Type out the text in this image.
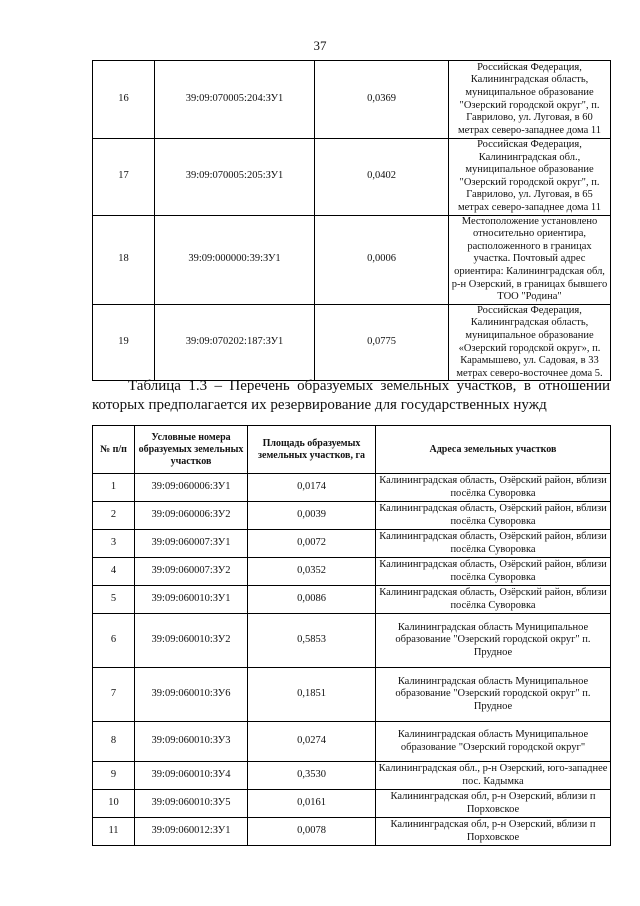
37
16	39:09:070005:204:ЗУ1	0,0369	Российская Федерация, Калининградская область, муниципальное образование "Озерский городской округ", п. Гаврилово, ул. Луговая, в 60 метрах северо-западнее дома 11
17	39:09:070005:205:ЗУ1	0,0402	Российская Федерация, Калининградская обл., муниципальное образование "Озерский городской округ", п. Гаврилово, ул. Луговая, в 65 метрах северо-западнее дома 11
18	39:09:000000:39:ЗУ1	0,0006	Местоположение установлено относительно ориентира, расположенного в границах участка. Почтовый адрес ориентира: Калининградская обл, р-н Озерский, в границах бывшего ТОО "Родина"
19	39:09:070202:187:ЗУ1	0,0775	Российская Федерация, Калининградская область, муниципальное образование «Озерский городской округ», п. Карамышево, ул. Садовая, в 33 метрах северо-восточнее дома 5.
Таблица 1.3 – Перечень образуемых земельных участков, в отношении которых предполагается их резервирование для государственных нужд
№ п/п	Условные номера образуемых земельных участков	Площадь образуемых земельных участков, га	Адреса земельных участков
1	39:09:060006:ЗУ1	0,0174	Калининградская область, Озёрский район, вблизи посёлка Суворовка
2	39:09:060006:ЗУ2	0,0039	Калининградская область, Озёрский район, вблизи посёлка Суворовка
3	39:09:060007:ЗУ1	0,0072	Калининградская область, Озёрский район, вблизи посёлка Суворовка
4	39:09:060007:ЗУ2	0,0352	Калининградская область, Озёрский район, вблизи посёлка Суворовка
5	39:09:060010:ЗУ1	0,0086	Калининградская область, Озёрский район, вблизи посёлка Суворовка
6	39:09:060010:ЗУ2	0,5853	Калининградская область Муниципальное образование "Озерский городской округ" п. Прудное
7	39:09:060010:ЗУ6	0,1851	Калининградская область Муниципальное образование "Озерский городской округ" п. Прудное
8	39:09:060010:ЗУ3	0,0274	Калининградская область Муниципальное образование "Озерский городской округ"
9	39:09:060010:ЗУ4	0,3530	Калининградская обл., р-н Озерский, юго-западнее пос. Кадымка
10	39:09:060010:ЗУ5	0,0161	Калининградская обл, р-н Озерский, вблизи п Порховское
11	39:09:060012:ЗУ1	0,0078	Калининградская обл, р-н Озерский, вблизи п Порховское
